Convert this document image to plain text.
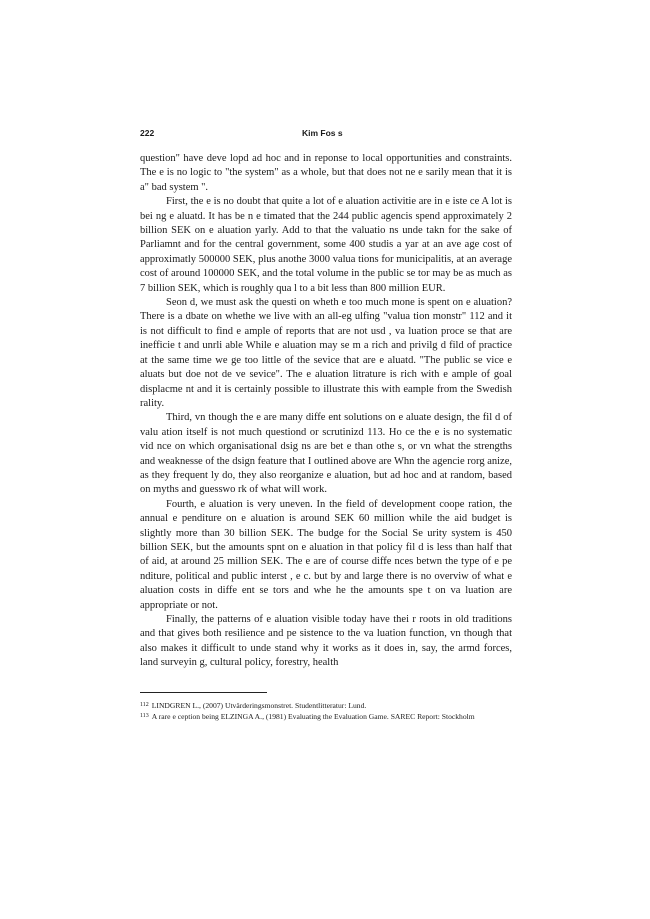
222	Kim Fos s

question" have deve lopd ad hoc and in reponse to local opportunities and constraints. The e is no logic to "the system" as a whole, but that does not ne e sarily mean that it is a" bad system ".

First, the e is no doubt that quite a lot of e aluation activitie are in e iste ce A lot is bei ng e aluatd. It has be n e timated that the 244 public agencis spend approximately 2 billion SEK on e aluation yarly. Add to that the valuatio ns unde takn for the sake of Parliamnt and for the central government, some 400 studis a yar at an ave age cost of approximatly 500000 SEK, plus anothe 3000 valua tions for municipalitis, at an average cost of around 100000 SEK, and the total volume in the public se tor may be as much as 7 billion SEK, which is roughly qua l to a bit less than 800 million EUR.

Seon d, we must ask the questi on wheth e too much mone is spent on e aluation? There is a dbate on whethe we live with an all-eg ulfing "valua tion monstr" 112 and it is not difficult to find e ample of reports that are not usd , va luation proce se that are inefficie t and unrli able While e aluation may se m a rich and privilg d fild of practice at the same time we ge too little of the sevice that are e aluatd. "The public se vice e aluats but doe not de ve sevice". The e aluation litrature is rich with e ample of goal displacme nt and it is certainly possible to illustrate this with eample from the Swedish rality.

Third, vn though the e are many diffe ent solutions on e aluate design, the fil d of valu ation itself is not much questiond or scrutinizd 113. Ho ce the e is no systematic vid nce on which organisational dsig ns are bet e than othe s, or vn what the strengths and weaknesse of the dsign feature that I outlined above are Whn the agencie rorg anize, as they frequent ly do, they also reorganize e aluation, but ad hoc and at random, based on myths and guesswo rk of what will work.

Fourth, e aluation is very uneven. In the field of development coope ration, the annual e penditure on e aluation is around SEK 60 million while the aid budget is slightly more than 30 billion SEK. The budge for the Social Se urity system is 450 billion SEK, but the amounts spnt on e aluation in that policy fil d is less than half that of aid, at around 25 million SEK. The e are of course diffe nces betwn the type of e pe nditure, political and public interst , e c. but by and large there is no overviw of what e aluation costs in diffe ent se tors and whe he the amounts spe t on va luation are appropriate or not.

Finally, the patterns of e aluation visible today have thei r roots in old traditions and that gives both resilience and pe sistence to the va luation function, vn though that also makes it difficult to unde stand why it works as it does in, say, the armd forces, land surveyin g, cultural policy, forestry, health

$^{112}$ LINDGREN L., (2007) Utvärderingsmonstret. Studentlitteratur: Lund.

$^{113}$ A rare e ception being ELZINGA A., (1981) Evaluating the Evaluation Game. SAREC Report: Stockholm
